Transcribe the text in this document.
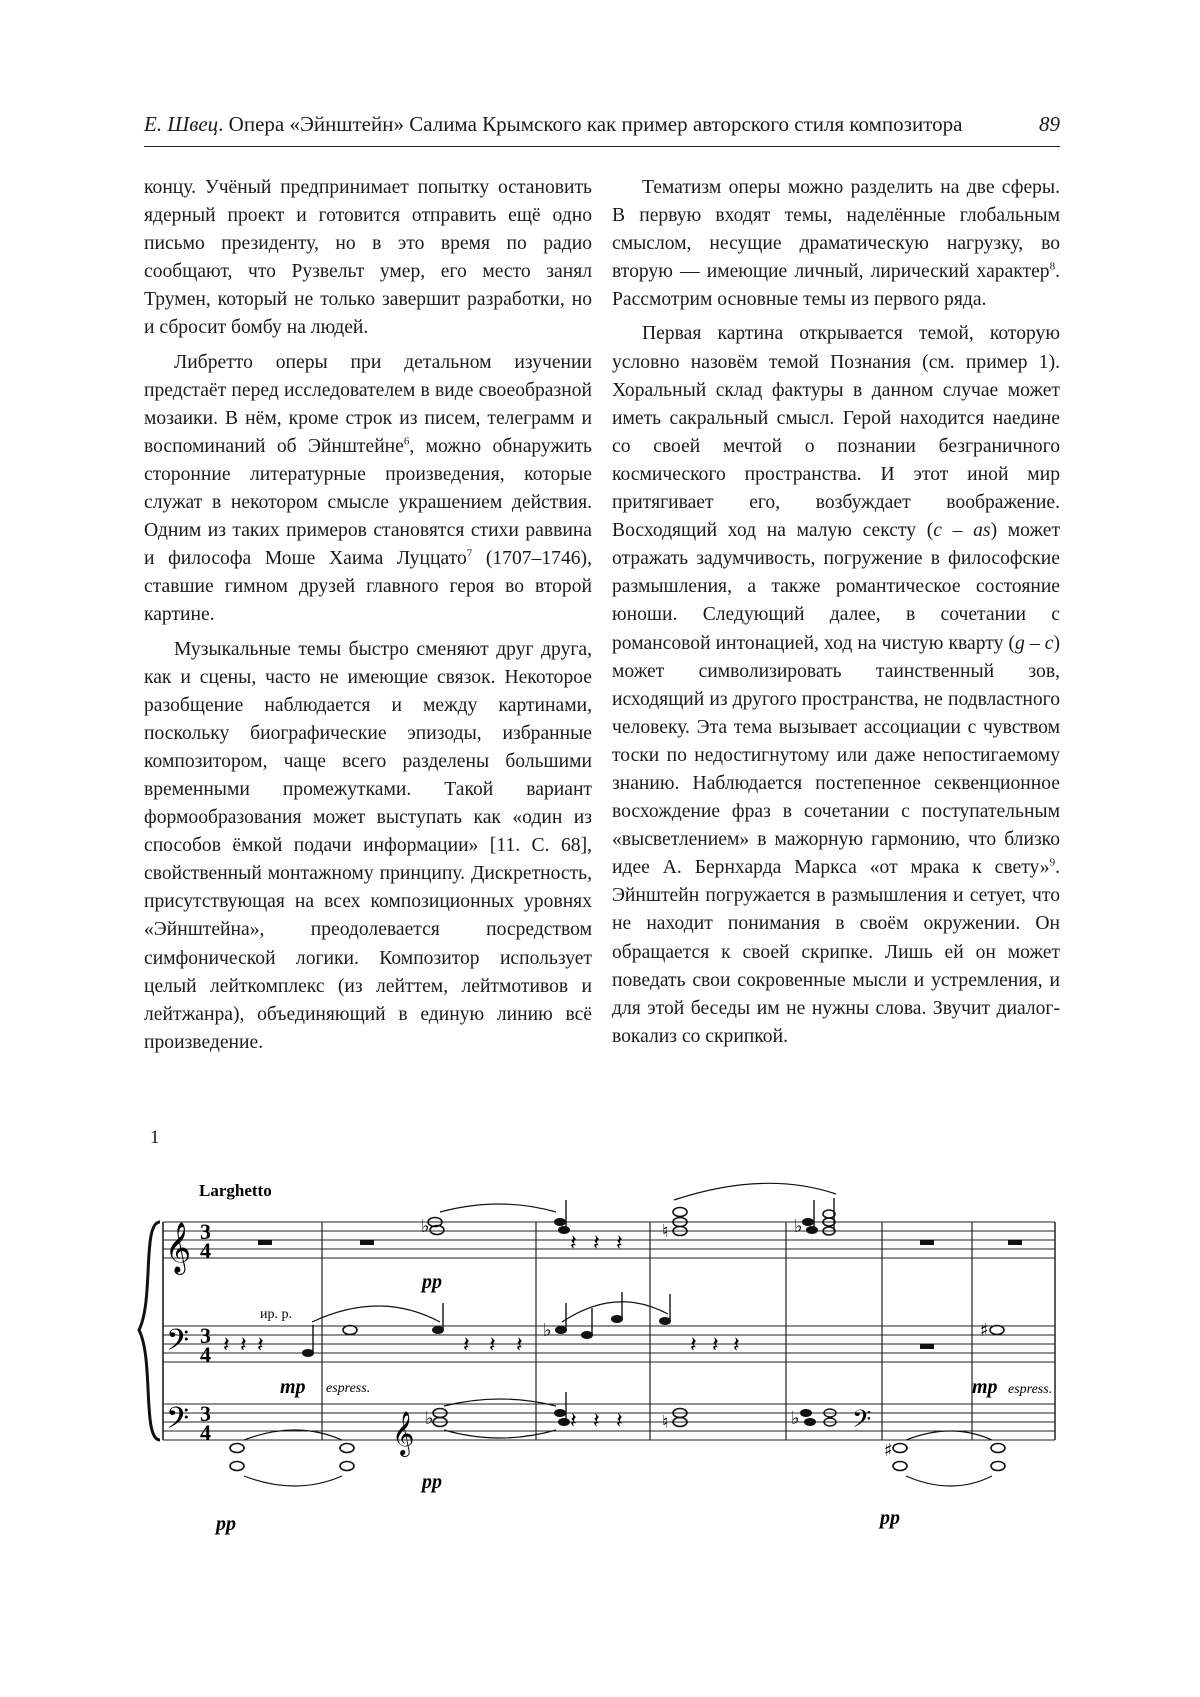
Е. Швец. Опера «Эйнштейн» Салима Крымского как пример авторского стиля композитора	89

концу. Учёный предпринимает попытку остановить ядерный проект и готовится отправить ещё одно письмо президенту, но в это время по радио сообщают, что Рузвельт умер, его место занял Трумен, который не только завершит разработки, но и сбросит бомбу на людей.

Либретто оперы при детальном изучении предстаёт перед исследователем в виде своеобразной мозаики. В нём, кроме строк из писем, телеграмм и воспоминаний об Эйнштейне$^6$, можно обнаружить сторонние литературные произведения, которые служат в некотором смысле украшением действия. Одним из таких примеров становятся стихи раввина и философа Моше Хаима Луццато$^7$ (1707–1746), ставшие гимном друзей главного героя во второй картине.

Музыкальные темы быстро сменяют друг друга, как и сцены, часто не имеющие связок. Некоторое разобщение наблюдается и между картинами, поскольку биографические эпизоды, избранные композитором, чаще всего разделены большими временными промежутками. Такой вариант формообразования может выступать как «один из способов ёмкой подачи информации» [11. С. 68], свойственный монтажному принципу. Дискретность, присутствующая на всех композиционных уровнях «Эйнштейна», преодолевается посредством симфонической логики. Композитор использует целый лейткомплекс (из лейттем, лейтмотивов и лейтжанра), объединяющий в единую линию всё произведение.

Тематизм оперы можно разделить на две сферы. В первую входят темы, наделённые глобальным смыслом, несущие драматическую нагрузку, во вторую — имеющие личный, лирический характер$^8$. Рассмотрим основные темы из первого ряда.

Первая картина открывается темой, которую условно назовём темой Познания (см. пример 1). Хоральный склад фактуры в данном случае может иметь сакральный смысл. Герой находится наедине со своей мечтой о познании безграничного космического пространства. И этот иной мир притягивает его, возбуждает воображение. Восходящий ход на малую сексту (c – as) может отражать задумчивость, погружение в философские размышления, а также романтическое состояние юноши. Следующий далее, в сочетании с романсовой интонацией, ход на чистую кварту (g – c) может символизировать таинственный зов, исходящий из другого пространства, не подвластного человеку. Эта тема вызывает ассоциации с чувством тоски по недостигнутому или даже непостигаемому знанию. Наблюдается постепенное секвенционное восхождение фраз в сочетании с поступательным «высветлением» в мажорную гармонию, что близко идее А. Бернхарда Маркса «от мрака к свету»$^9$. Эйнштейн погружается в размышления и сетует, что не находит понимания в своём окружении. Он обращается к своей скрипке. Лишь ей он может поведать свои сокровенные мысли и устремления, и для этой беседы им не нужны слова. Звучит диалог-вокализ со скрипкой.

1
Larghetto
𝄞
𝄢
𝄢	𝄞	𝄢
3
4
3
4
3
4
𝄽 𝄽 𝄽	𝄽 𝄽 𝄽	𝄽 𝄽 𝄽
𝄽 𝄽 𝄽
𝄽 𝄽 𝄽
♭	♮	♭
♭	♯
ир. р.
♭	♮	♭
♯
pp
mp espress.	mp espress.
pp
pp
pp
